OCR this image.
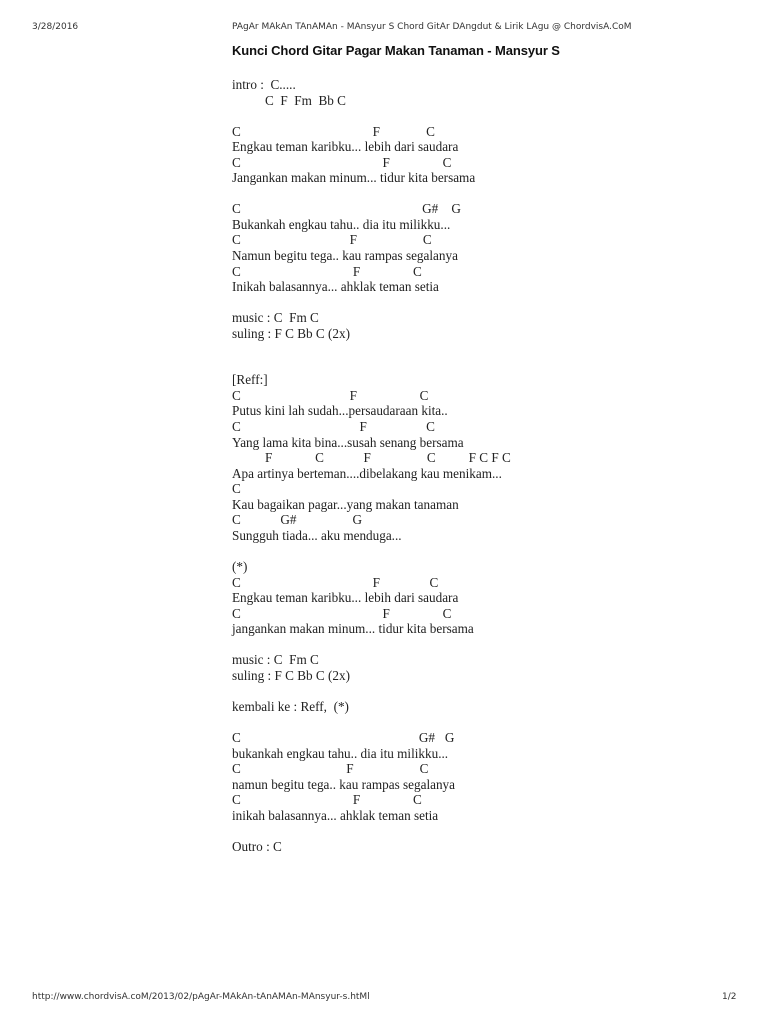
3/28/2016	PAgAr MAkAn TAnAMAn - MAnsyur S Chord GitAr DAngdut & Lirik LAgu @ ChordvisA.CoM
Kunci Chord Gitar Pagar Makan Tanaman - Mansyur S
intro :  C.....
C  F  Fm  Bb C
C                                        F              C
Engkau teman karibku... lebih dari saudara
C                                           F                C
Jangankan makan minum... tidur kita bersama
C                                                       G#    G
Bukankah engkau tahu.. dia itu milikku...
C                                 F                    C
Namun begitu tega.. kau rampas segalanya
C                                  F                C
Inikah balasannya... ahklak teman setia
music : C  Fm C
suling : F C Bb C (2x)
[Reff:]
C                                 F                   C
Putus kini lah sudah...persaudaraan kita..
C                                    F                  C
Yang lama kita bina...susah senang bersama
F             C            F                 C          F C F C
Apa artinya berteman....dibelakang kau menikam...
C
Kau bagaikan pagar...yang makan tanaman
C            G#                 G
Sungguh tiada... aku menduga...
(*)
C                                        F               C
Engkau teman karibku... lebih dari saudara
C                                           F                C
jangankan makan minum... tidur kita bersama
music : C  Fm C
suling : F C Bb C (2x)
kembali ke : Reff,  (*)
C                                                      G#   G
bukankah engkau tahu.. dia itu milikku...
C                                F                    C
namun begitu tega.. kau rampas segalanya
C                                  F                C
inikah balasannya... ahklak teman setia
Outro : C
http://www.chordvisA.coM/2013/02/pAgAr-MAkAn-tAnAMAn-MAnsyur-s.htMl	1/2
